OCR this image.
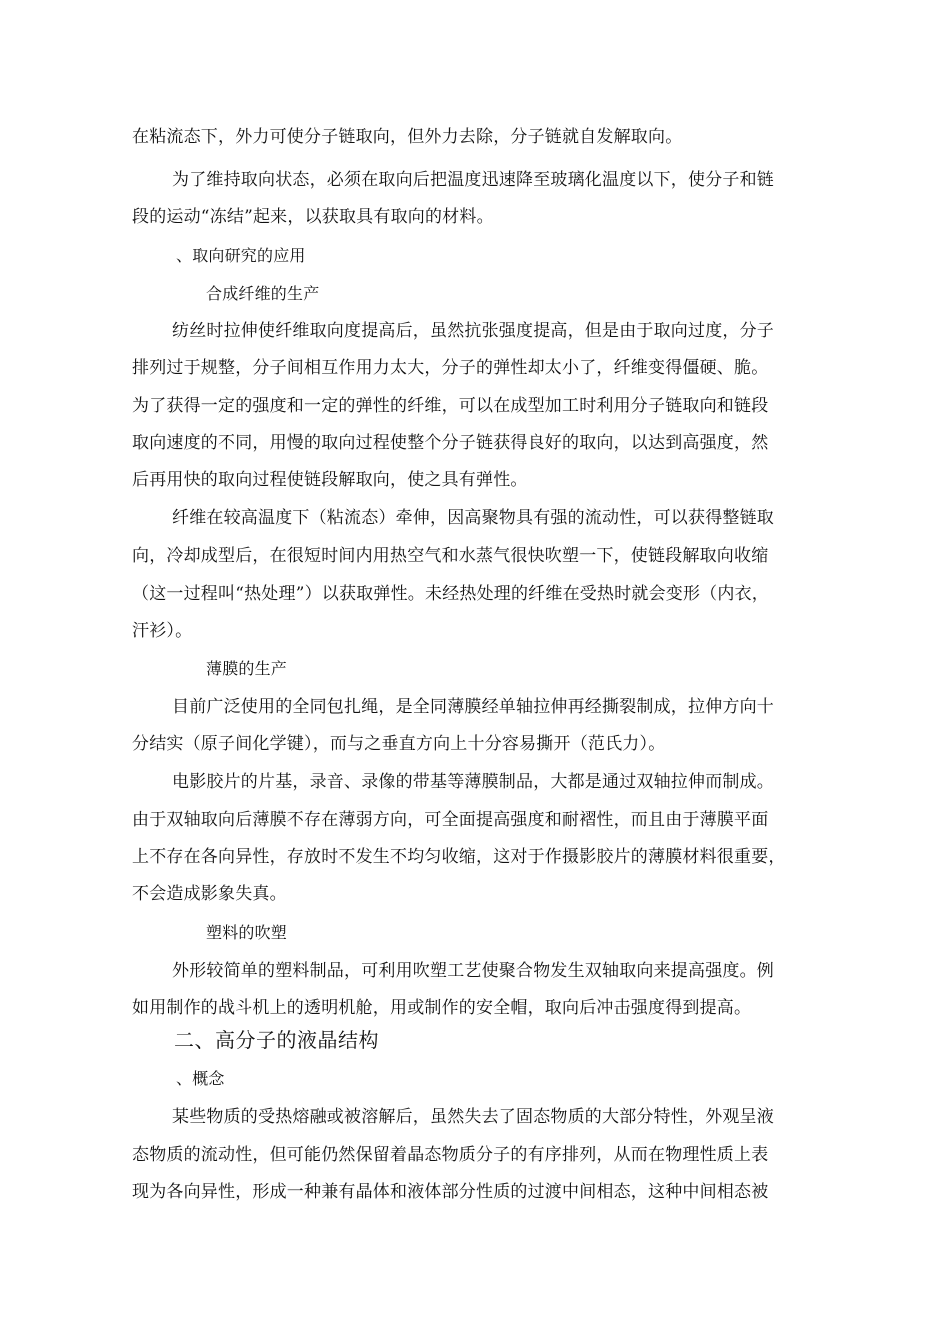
在粘流态下，外力可使分子链取向，但外力去除，分子链就自发解取向。
为了维持取向状态，必须在取向后把温度迅速降至玻璃化温度以下，使分子和链
段的运动“冻结”起来，以获取具有取向的材料。
、取向研究的应用
合成纤维的生产
纺丝时拉伸使纤维取向度提高后，虽然抗张强度提高，但是由于取向过度，分子
排列过于规整，分子间相互作用力太大，分子的弹性却太小了，纤维变得僵硬、脆。
为了获得一定的强度和一定的弹性的纤维，可以在成型加工时利用分子链取向和链段
取向速度的不同，用慢的取向过程使整个分子链获得良好的取向，以达到高强度，然
后再用快的取向过程使链段解取向，使之具有弹性。
纤维在较高温度下（粘流态）牵伸，因高聚物具有强的流动性，可以获得整链取
向，冷却成型后，在很短时间内用热空气和水蒸气很快吹塑一下，使链段解取向收缩
（这一过程叫“热处理”）以获取弹性。未经热处理的纤维在受热时就会变形（内衣，
汗衫）。
薄膜的生产
目前广泛使用的全同包扎绳，是全同薄膜经单轴拉伸再经撕裂制成，拉伸方向十
分结实（原子间化学键），而与之垂直方向上十分容易撕开（范氏力）。
电影胶片的片基，录音、录像的带基等薄膜制品，大都是通过双轴拉伸而制成。
由于双轴取向后薄膜不存在薄弱方向，可全面提高强度和耐褶性，而且由于薄膜平面
上不存在各向异性，存放时不发生不均匀收缩，这对于作摄影胶片的薄膜材料很重要，
不会造成影象失真。
塑料的吹塑
外形较简单的塑料制品，可利用吹塑工艺使聚合物发生双轴取向来提高强度。例
如用制作的战斗机上的透明机舱，用或制作的安全帽，取向后冲击强度得到提高。
二、高分子的液晶结构
、概念
某些物质的受热熔融或被溶解后，虽然失去了固态物质的大部分特性，外观呈液
态物质的流动性，但可能仍然保留着晶态物质分子的有序排列，从而在物理性质上表
现为各向异性，形成一种兼有晶体和液体部分性质的过渡中间相态，这种中间相态被
